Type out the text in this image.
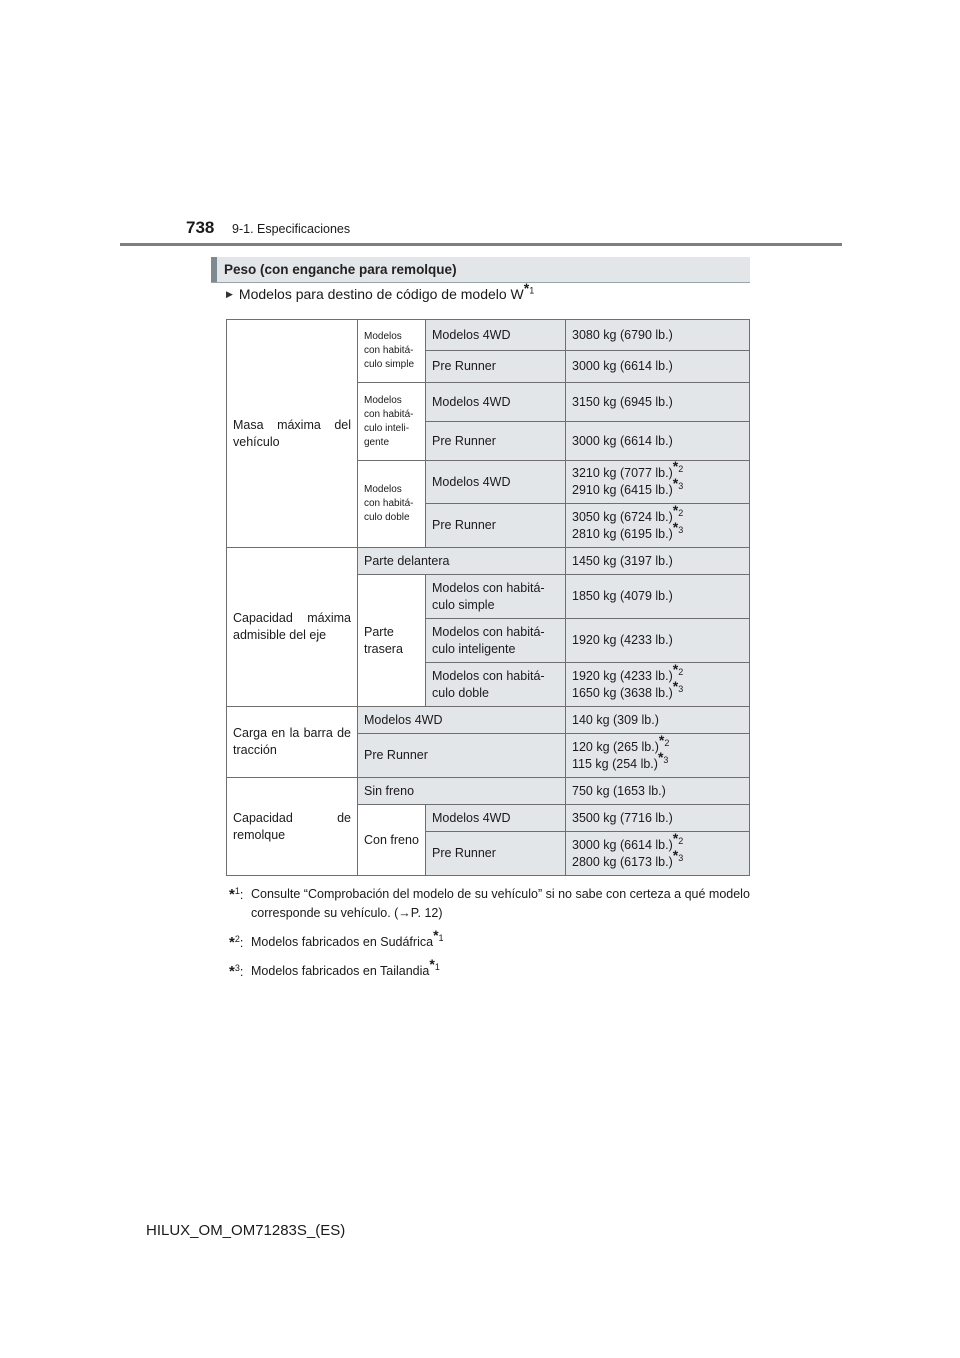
738 9-1. Especificaciones
Peso (con enganche para remolque)
▶ Modelos para destino de código de modelo W*$^1$
Masa máxima del vehículo	Modelos con habitá- culo simple	Modelos 4WD	3080 kg (6790 lb.)
		Pre Runner	3000 kg (6614 lb.)
	Modelos con habitá- culo inteli- gente	Modelos 4WD	3150 kg (6945 lb.)
		Pre Runner	3000 kg (6614 lb.)
	Modelos con habitá- culo doble	Modelos 4WD	3210 kg (7077 lb.)*$^2$
2910 kg (6415 lb.)*$^3$
		Pre Runner	3050 kg (6724 lb.)*$^2$
2810 kg (6195 lb.)*$^3$
Capacidad máxima admisible del eje	Parte delantera		1450 kg (3197 lb.)
	Parte trasera	Modelos con habitá- culo simple	1850 kg (4079 lb.)
		Modelos con habitá- culo inteligente	1920 kg (4233 lb.)
		Modelos con habitá- culo doble	1920 kg (4233 lb.)*$^2$
1650 kg (3638 lb.)*$^3$
Carga en la barra de tracción	Modelos 4WD		140 kg (309 lb.)
	Pre Runner		120 kg (265 lb.)*$^2$
115 kg (254 lb.)*$^3$
Capacidad de remolque	Sin freno		750 kg (1653 lb.)
	Con freno	Modelos 4WD	3500 kg (7716 lb.)
		Pre Runner	3000 kg (6614 lb.)*$^2$
2800 kg (6173 lb.)*$^3$
*$^1$: Consulte “Comprobación del modelo de su vehículo” si no sabe con certeza a qué modelo corresponde su vehículo. (→P. 12)
*$^2$: Modelos fabricados en Sudáfrica*$^1$
*$^3$: Modelos fabricados en Tailandia*$^1$
HILUX_OM_OM71283S_(ES)
